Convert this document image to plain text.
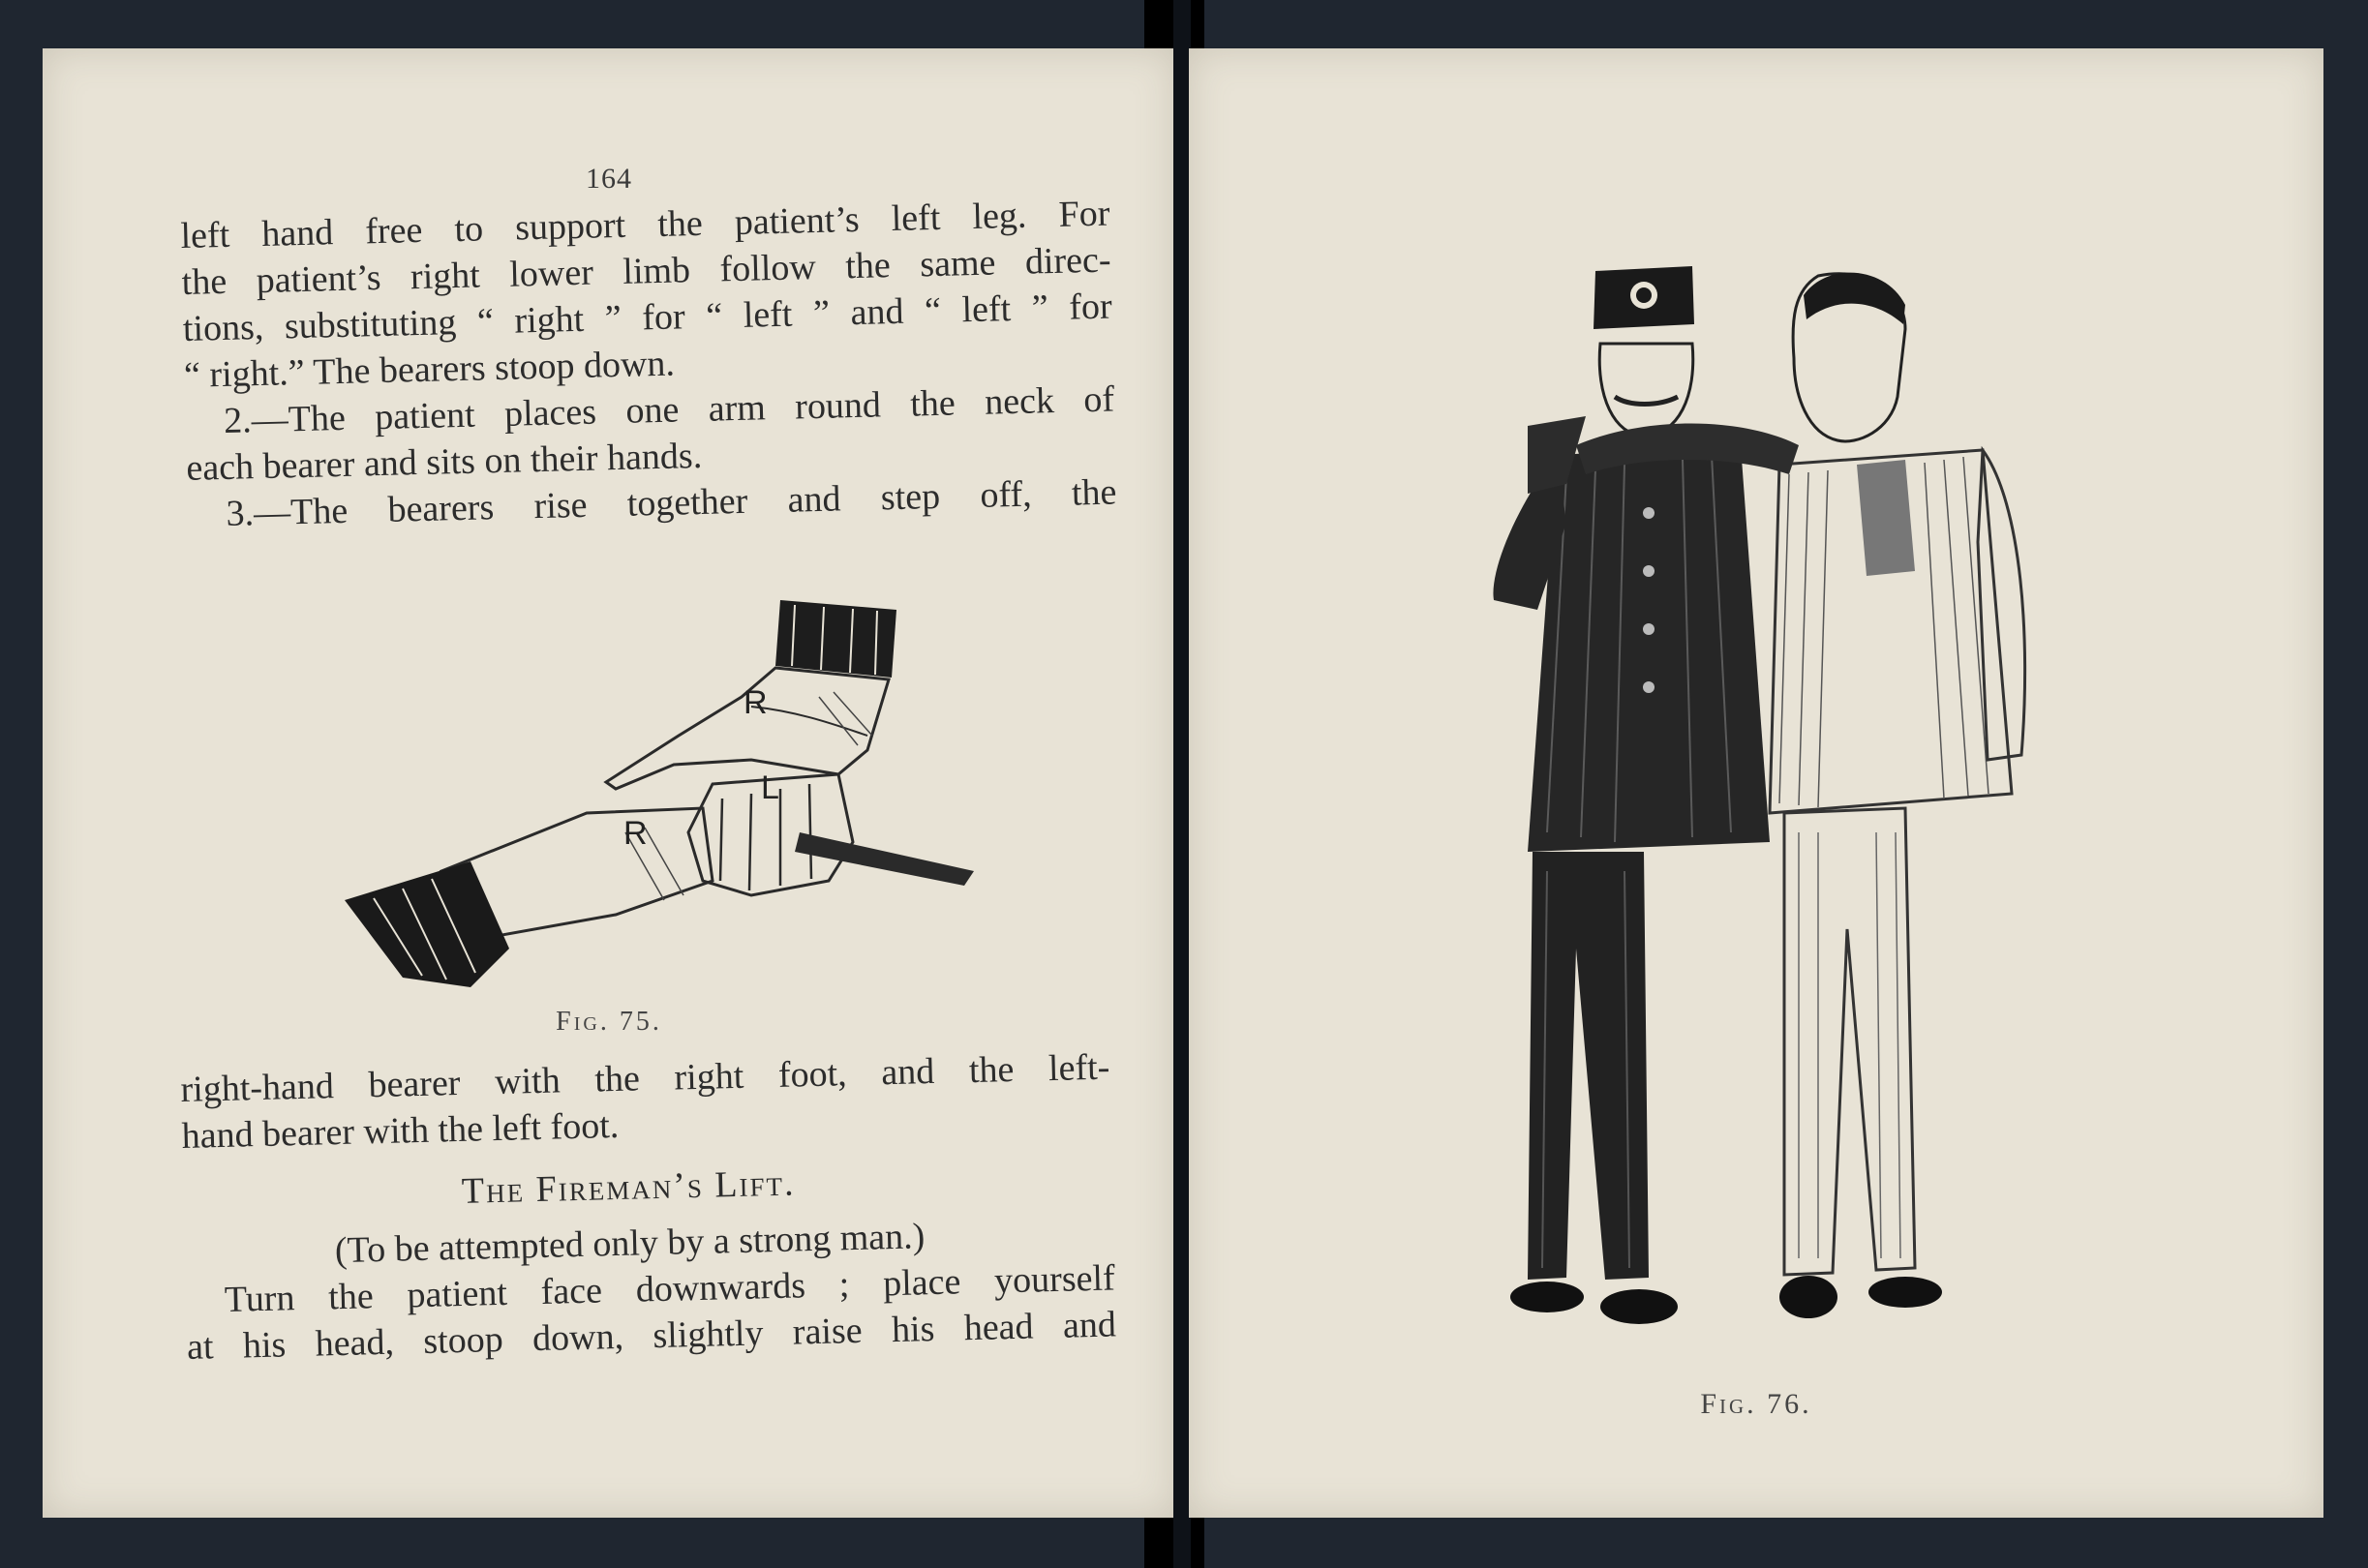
164
left hand free to support the patient’s left leg. For
the patient’s right lower limb follow the same direc-
tions, substituting “ right ” for “ left ” and “ left ” for
“ right.” The bearers stoop down.
2.—The patient places one arm round the neck of
each bearer and sits on their hands.
3.—The bearers rise together and step off, the
R
R
L
Fig. 75.
right-hand bearer with the right foot, and the left-
hand bearer with the left foot.
The Fireman’s Lift.
(To be attempted only by a strong man.)
Turn the patient face downwards ; place yourself
at his head, stoop down, slightly raise his head and
Fig. 76.
